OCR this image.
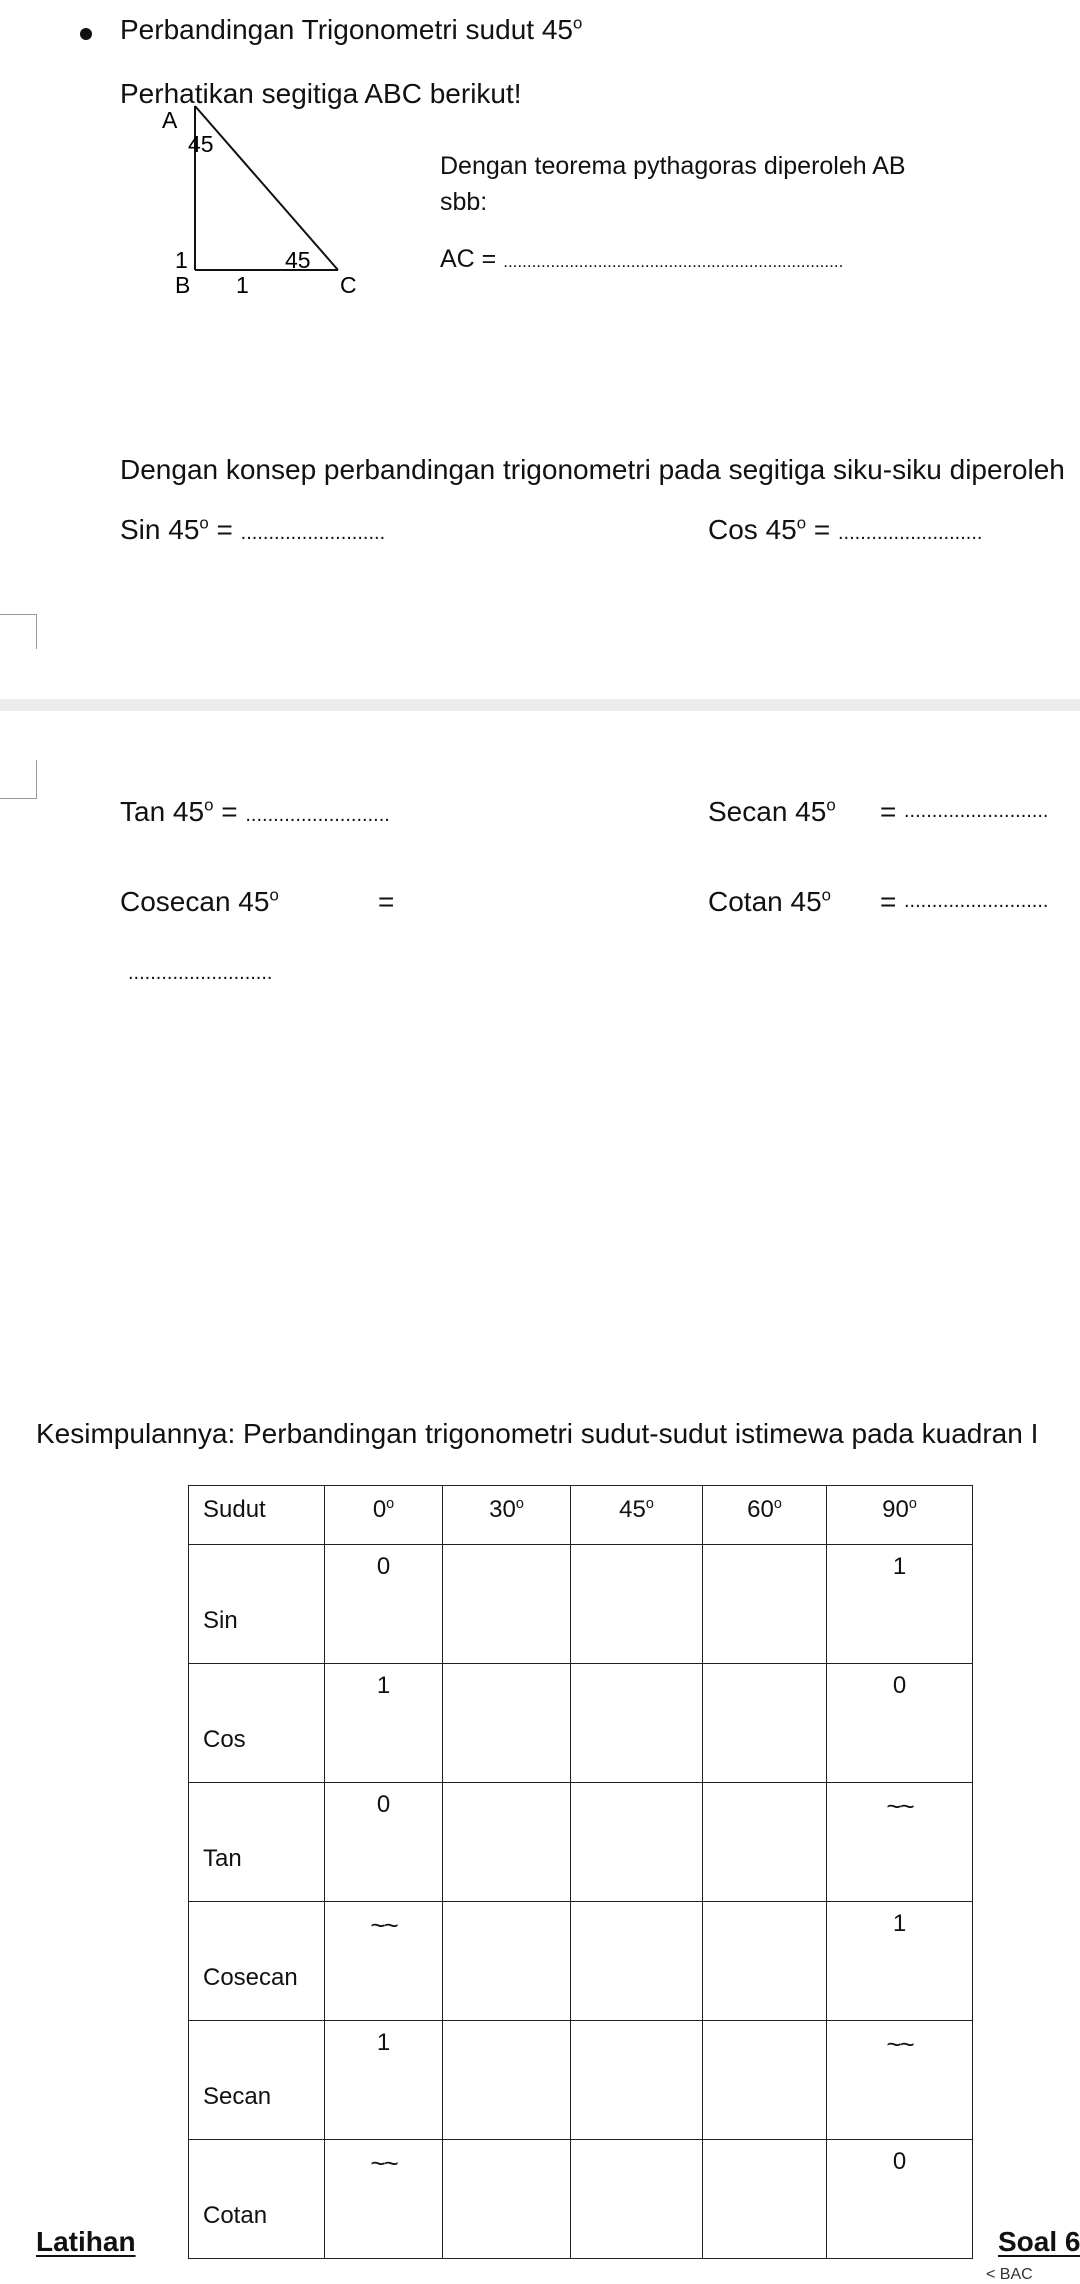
Perbandingan Trigonometri sudut 45$^o$
Perhatikan segitiga ABC berikut!
A
45
1
B 1
45
C
Dengan teorema pythagoras diperoleh AB
sbb:
AC = ........................................................................
Dengan konsep perbandingan trigonometri pada segitiga siku-siku diperoleh
Sin $45^o$ = ..........................	Cos $45^o$ = ..........................
Tan $45^o$ = ..........................	Secan $45^o$ = ..........................
Cosecan $45^o$	=
..........................
Cotan $45^o$ = ..........................
Kesimpulannya: Perbandingan trigonometri sudut-sudut istimewa pada kuadran I
Sudut	0$^o$	30$^o$	45$^o$	60$^o$	90$^o$

Sin	0				1

Cos	1				0

Tan	0				~~

Cosecan	~~				1

Secan	1				~~

Cotan	~~				0
Latihan	Soal 6
< BAC
